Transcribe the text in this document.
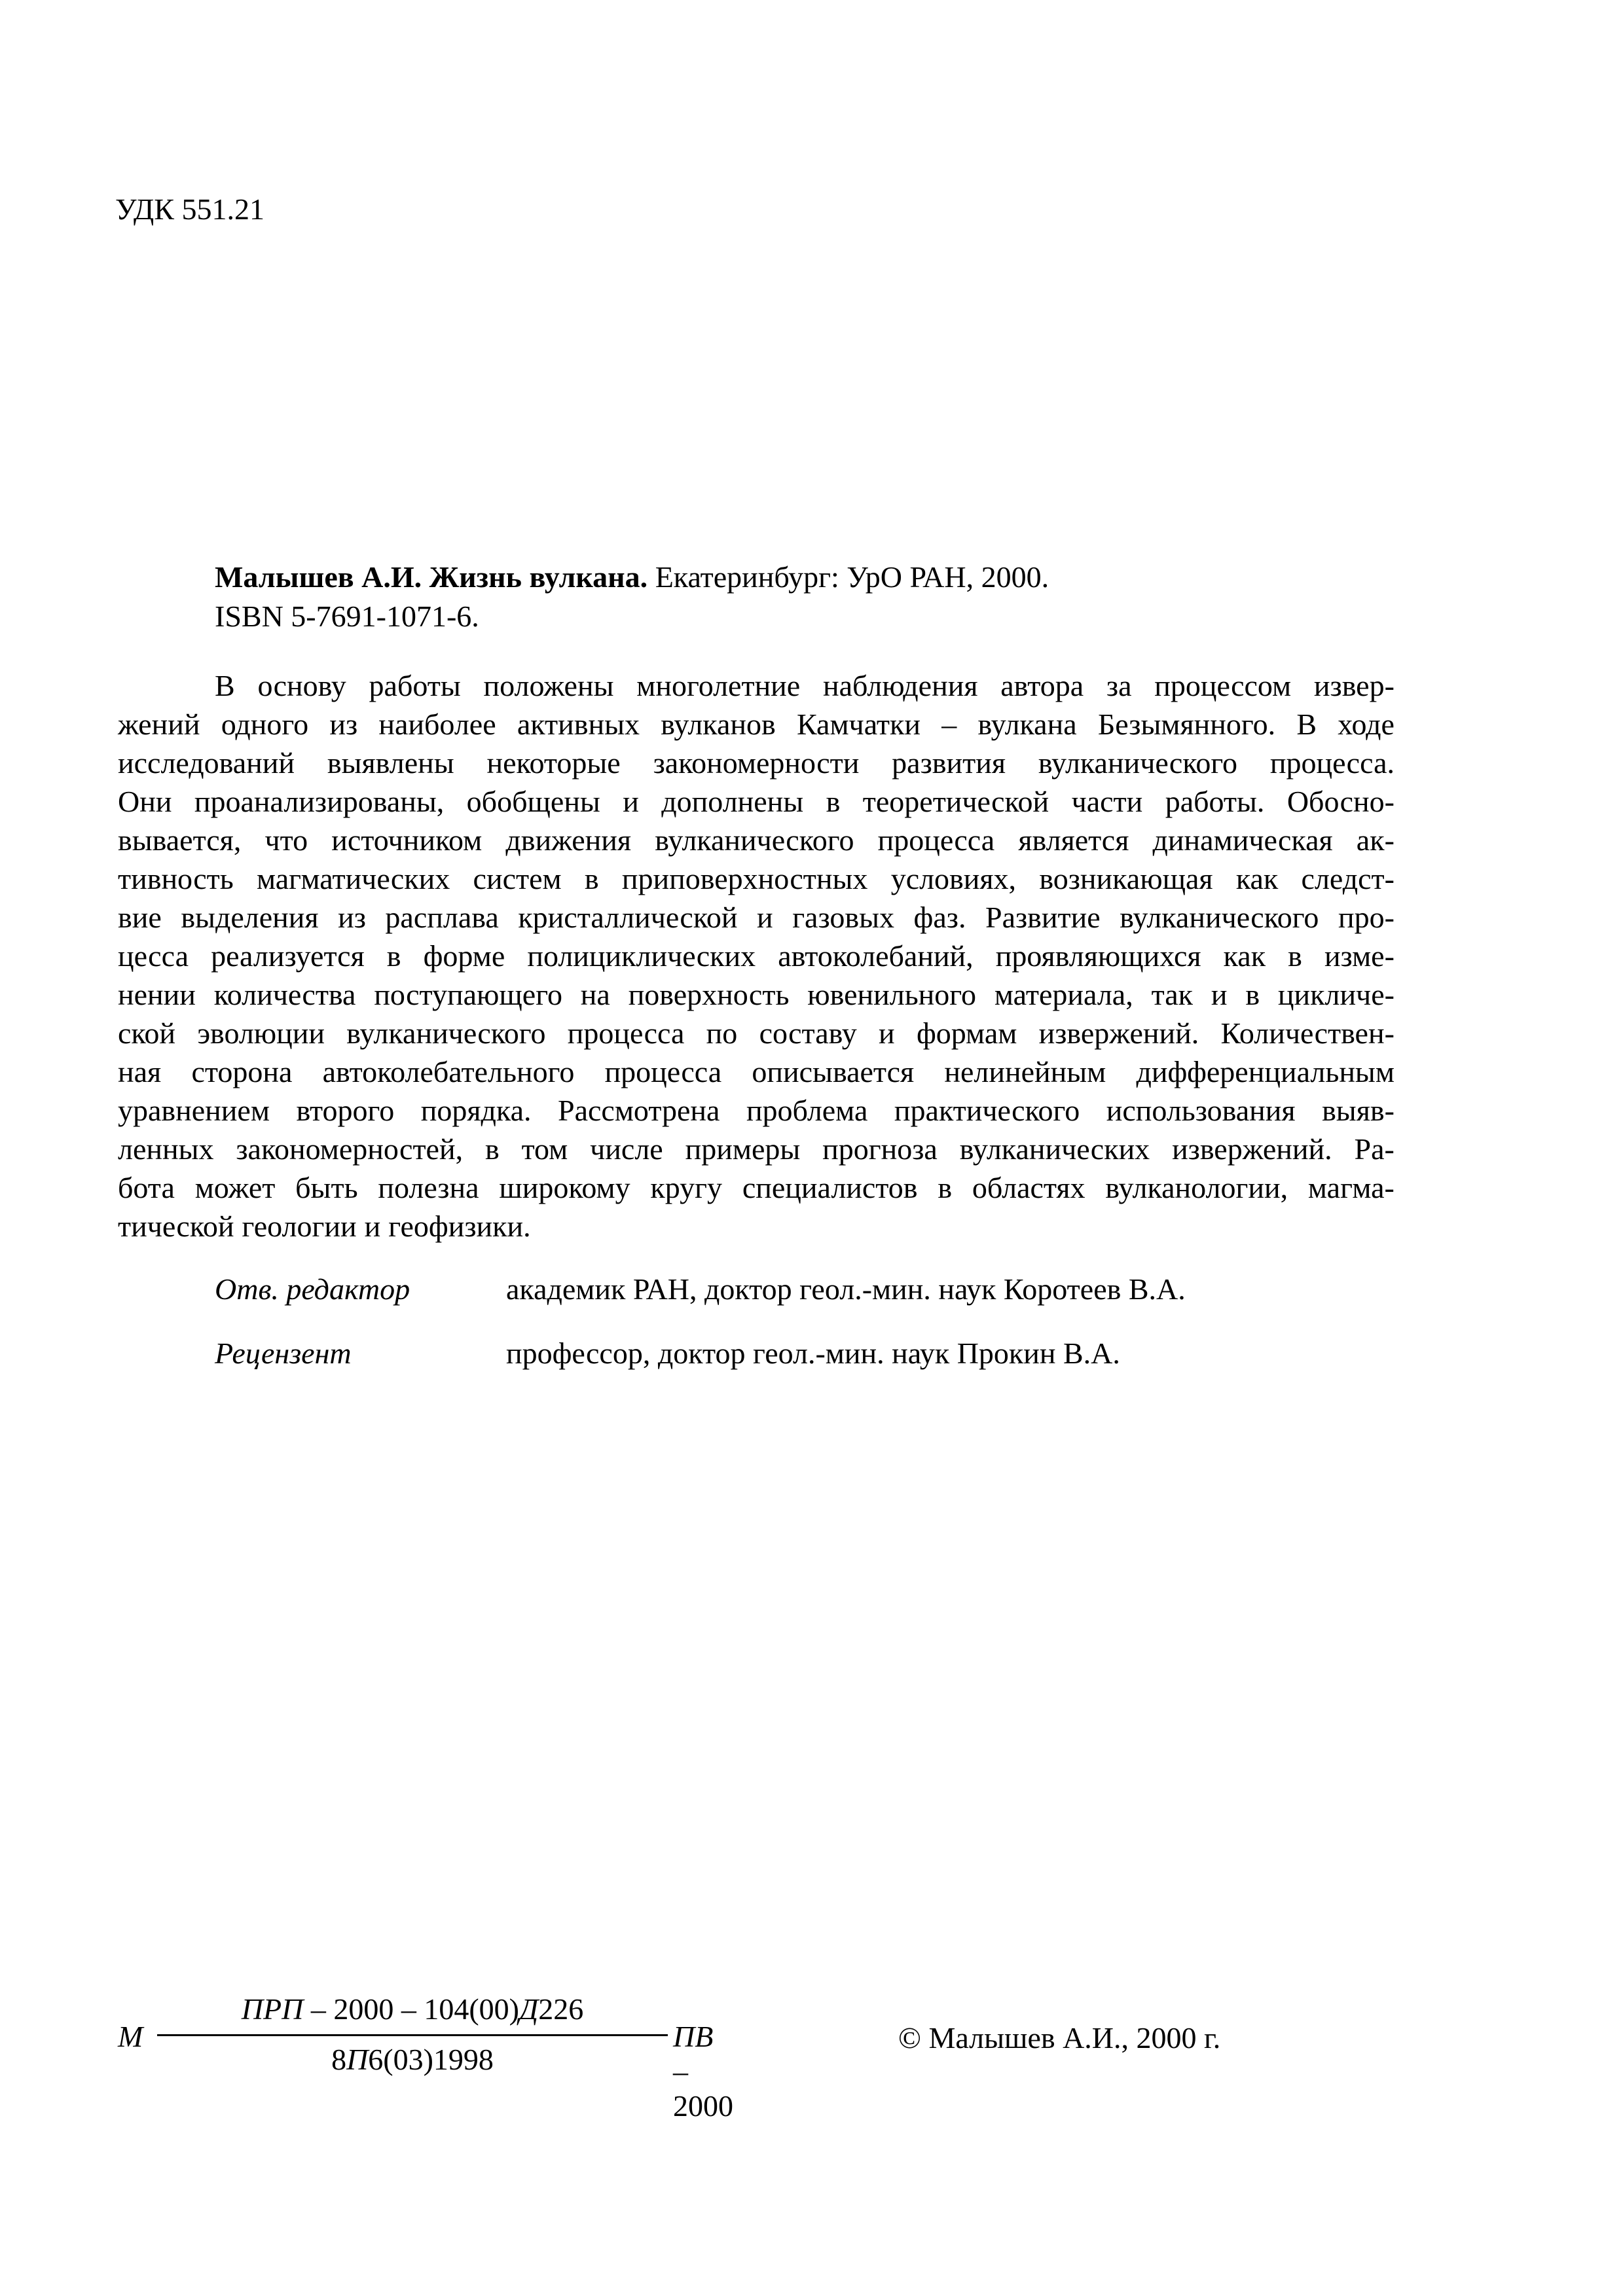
УДК 551.21
Малышев А.И. Жизнь вулкана. Екатеринбург: УрО РАН, 2000.
ISBN 5-7691-1071-6.
В основу работы положены многолетние наблюдения автора за процессом извер-
жений одного из наиболее активных вулканов Камчатки – вулкана Безымянного. В ходе
исследований выявлены некоторые закономерности развития вулканического процесса.
Они проанализированы, обобщены и дополнены в теоретической части работы. Обосно-
вывается, что источником движения вулканического процесса является динамическая ак-
тивность магматических систем в приповерхностных условиях, возникающая как следст-
вие выделения из расплава кристаллической и газовых фаз. Развитие вулканического про-
цесса реализуется в форме полициклических автоколебаний, проявляющихся как в изме-
нении количества поступающего на поверхность ювенильного материала, так и в цикличе-
ской эволюции вулканического процесса по составу и формам извержений. Количествен-
ная сторона автоколебательного процесса описывается нелинейным дифференциальным
уравнением второго порядка. Рассмотрена проблема практического использования выяв-
ленных закономерностей, в том числе примеры прогноза вулканических извержений. Ра-
бота может быть полезна широкому кругу специалистов в областях вулканологии, магма-
тической геологии и геофизики.
Отв. редактор	академик РАН, доктор геол.-мин. наук Коротеев В.А.
Рецензент	профессор, доктор геол.-мин. наук Прокин В.А.
М
ПРП – 2000 – 104(00)Д226
8П6(03)1998
ПВ – 2000
© Малышев А.И., 2000 г.
